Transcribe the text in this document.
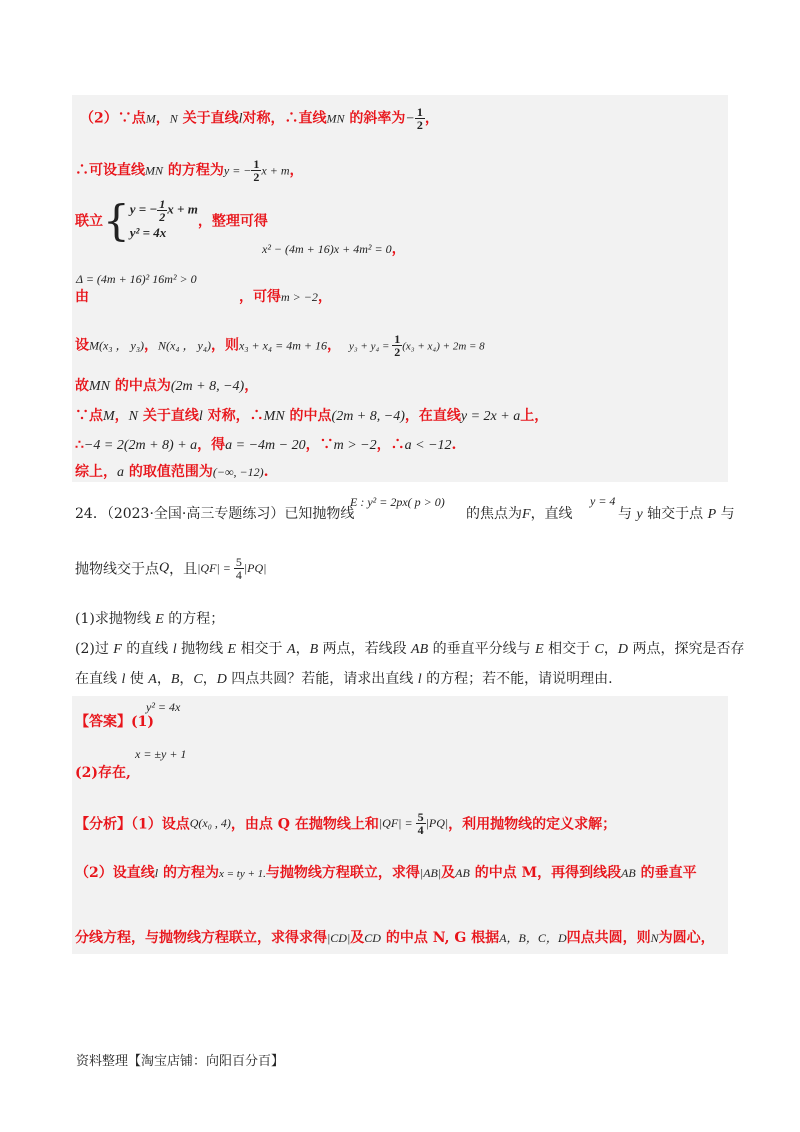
（2）∵点M，N 关于直线l对称，∴直线MN 的斜率为− $\frac{1}{2}$ ，
∴可设直线MN 的方程为y = − $\frac{1}{2}$ x + m，
联立{y = − $\frac{1}{2}$ x + m
y² = 4x，整理可得
x² − (4m + 16)x + 4m² = 0，
Δ = (4m + 16)² 16m² > 0
由	，可得m > −2，
设M(x₃ ， y₃)，N(x₄ ， y₄)，则x₃ + x₄ = 4m + 16， $y_3 + y_4 = \frac{1}{2} (x_3 + x_4) + 2m = 8$
故MN 的中点为(2m + 8, −4)，
∵点M，N 关于直线l 对称，∴MN 的中点(2m + 8, −4)，在直线y = 2x + a上，
∴−4 = 2(2m + 8) + a，得a = −4m − 20，∵m > −2，∴a < −12.
综上，a 的取值范围为(−∞, −12).
24．（2023·全国·高三专题练习）已知抛物线
E : y² = 2px( p > 0)
的焦点为F，直线
y = 4
与 y 轴交于点 P 与
抛物线交于点Q，且$|QF| = \frac{5}{4} |PQ|$
(1)求抛物线 E 的方程；
(2)过 F 的直线 l 抛物线 E 相交于 A，B 两点，若线段 AB 的垂直平分线与 E 相交于 C，D 两点，探究是否存
在直线 l 使 A，B，C，D 四点共圆？若能，请求出直线 l 的方程；若不能，请说明理由.
【答案】(1)
y² = 4x
x = ±y + 1
(2)存在,
【分析】（1）设点Q(x₀ , 4)，由点 Q 在抛物线上和$|QF| = \frac{5}{4} |PQ|$，利用抛物线的定义求解；
（2）设直线l 的方程为x = ty + 1.与抛物线方程联立，求得|AB|及AB 的中点 M，再得到线段AB 的垂直平
分线方程，与抛物线方程联立，求得求得|CD|及CD 的中点 N, G 根据A，B，C，D四点共圆，则N为圆心，
资料整理【淘宝店铺：向阳百分百】
